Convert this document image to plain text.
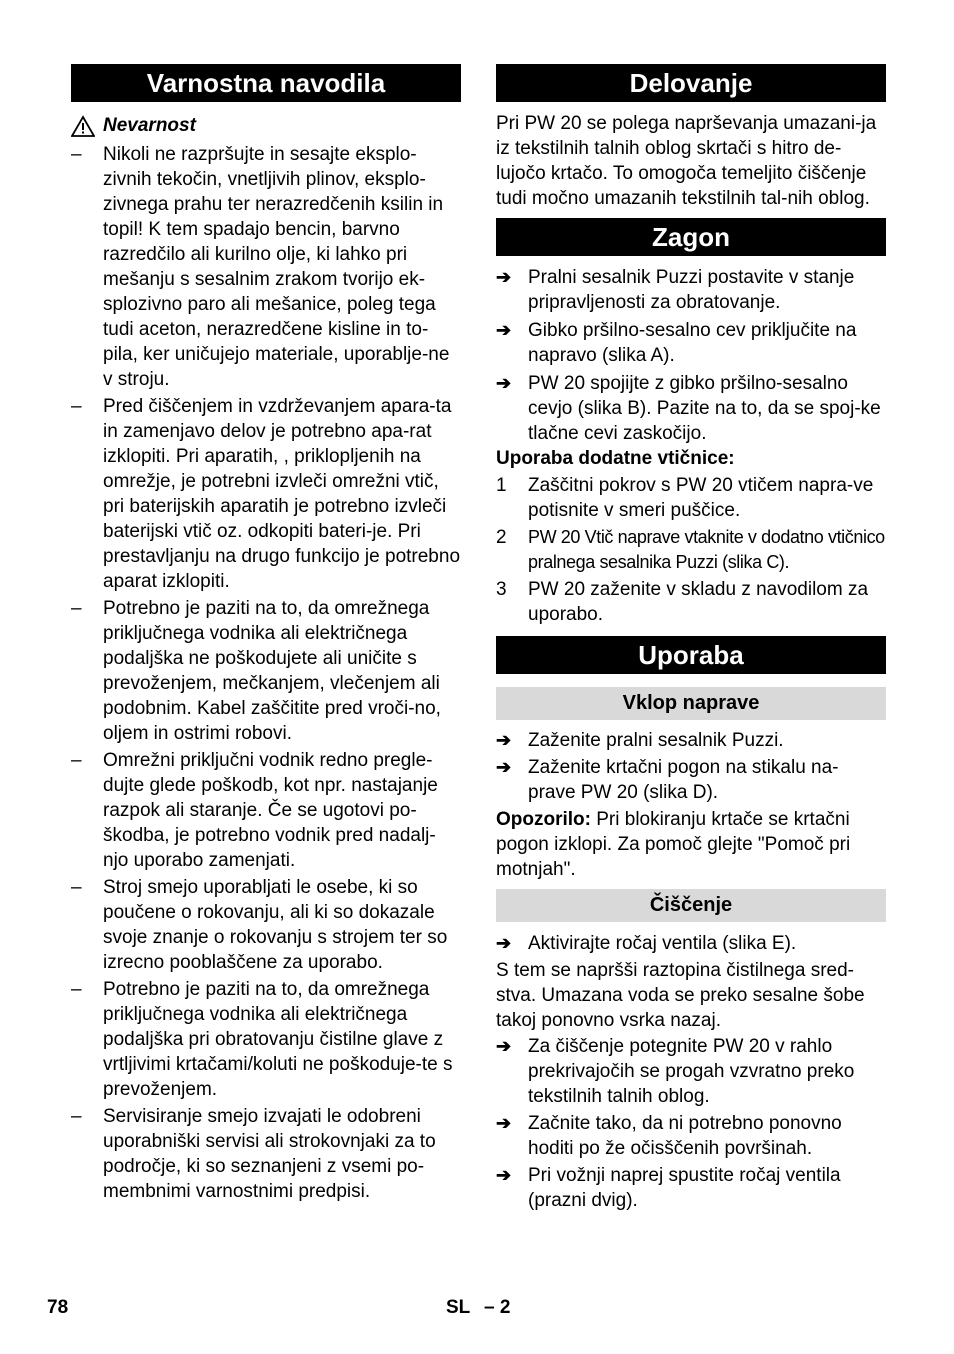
Varnostna navodila
Nevarnost
–	Nikoli ne razpršujte in sesajte eksplo-zivnih tekočin, vnetljivih plinov, eksplo-zivnega prahu ter nerazredčenih ksilin in topil! K tem spadajo bencin, barvno razredčilo ali kurilno olje, ki lahko pri mešanju s sesalnim zrakom tvorijo ek-splozivno paro ali mešanice, poleg tega tudi aceton, nerazredčene kisline in to-pila, ker uničujejo materiale, uporablje-ne v stroju.
–	Pred čiščenjem in vzdrževanjem apara-ta in zamenjavo delov je potrebno apa-rat izklopiti. Pri aparatih, , priklopljenih na omrežje, je potrebni izvleči omrežni vtič, pri baterijskih aparatih je potrebno izvleči baterijski vtič oz. odkopiti bateri-je. Pri prestavljanju na drugo funkcijo je potrebno aparat izklopiti.
–	Potrebno je paziti na to, da omrežnega priključnega vodnika ali električnega podaljška ne poškodujete ali uničite s prevoženjem, mečkanjem, vlečenjem ali podobnim. Kabel zaščitite pred vroči-no, oljem in ostrimi robovi.
–	Omrežni priključni vodnik redno pregle-dujte glede poškodb, kot npr. nastajanje razpok ali staranje. Če se ugotovi po-škodba, je potrebno vodnik pred nadalj-njo uporabo zamenjati.
–	Stroj smejo uporabljati le osebe, ki so poučene o rokovanju, ali ki so dokazale svoje znanje o rokovanju s strojem ter so izrecno pooblaščene za uporabo.
–	Potrebno je paziti na to, da omrežnega priključnega vodnika ali električnega podaljška pri obratovanju čistilne glave z vrtljivimi krtačami/koluti ne poškoduje-te s prevoženjem.
–	Servisiranje smejo izvajati le odobreni uporabniški servisi ali strokovnjaki za to področje, ki so seznanjeni z vsemi po-membnimi varnostnimi predpisi.
Delovanje
Pri PW 20 se polega naprševanja umazani-ja iz tekstilnih talnih oblog skrtači s hitro de-lujočo krtačo. To omogoča temeljito čiščenje tudi močno umazanih tekstilnih tal-nih oblog.
Zagon
➔ Pralni sesalnik Puzzi postavite v stanje pripravljenosti za obratovanje.
➔ Gibko pršilno-sesalno cev priključite na napravo (slika A).
➔ PW 20 spojijte z gibko pršilno-sesalno cevjo (slika B). Pazite na to, da se spoj-ke tlačne cevi zaskočijo.
Uporaba dodatne vtičnice:
1	Zaščitni pokrov s PW 20 vtičem napra-ve potisnite v smeri puščice.
2	PW 20 Vtič naprave vtaknite v dodatno vtičnico pralnega sesalnika Puzzi (slika C).
3	PW 20 zaženite v skladu z navodilom za uporabo.
Uporaba
Vklop naprave
➔ Zaženite pralni sesalnik Puzzi.
➔ Zaženite krtačni pogon na stikalu na-prave PW 20 (slika D).
Opozorilo: Pri blokiranju krtače se krtačni pogon izklopi. Za pomoč glejte "Pomoč pri motnjah".
Čiščenje
➔ Aktivirajte ročaj ventila (slika E).
S tem se napršši raztopina čistilnega sred-stva. Umazana voda se preko sesalne šobe takoj ponovno vsrka nazaj.
➔ Za čiščenje potegnite PW 20 v rahlo prekrivajočih se progah vzvratno preko tekstilnih talnih oblog.
➔ Začnite tako, da ni potrebno ponovno hoditi po že očisščenih površinah.
➔ Pri vožnji naprej spustite ročaj ventila (prazni dvig).
78	SL – 2
